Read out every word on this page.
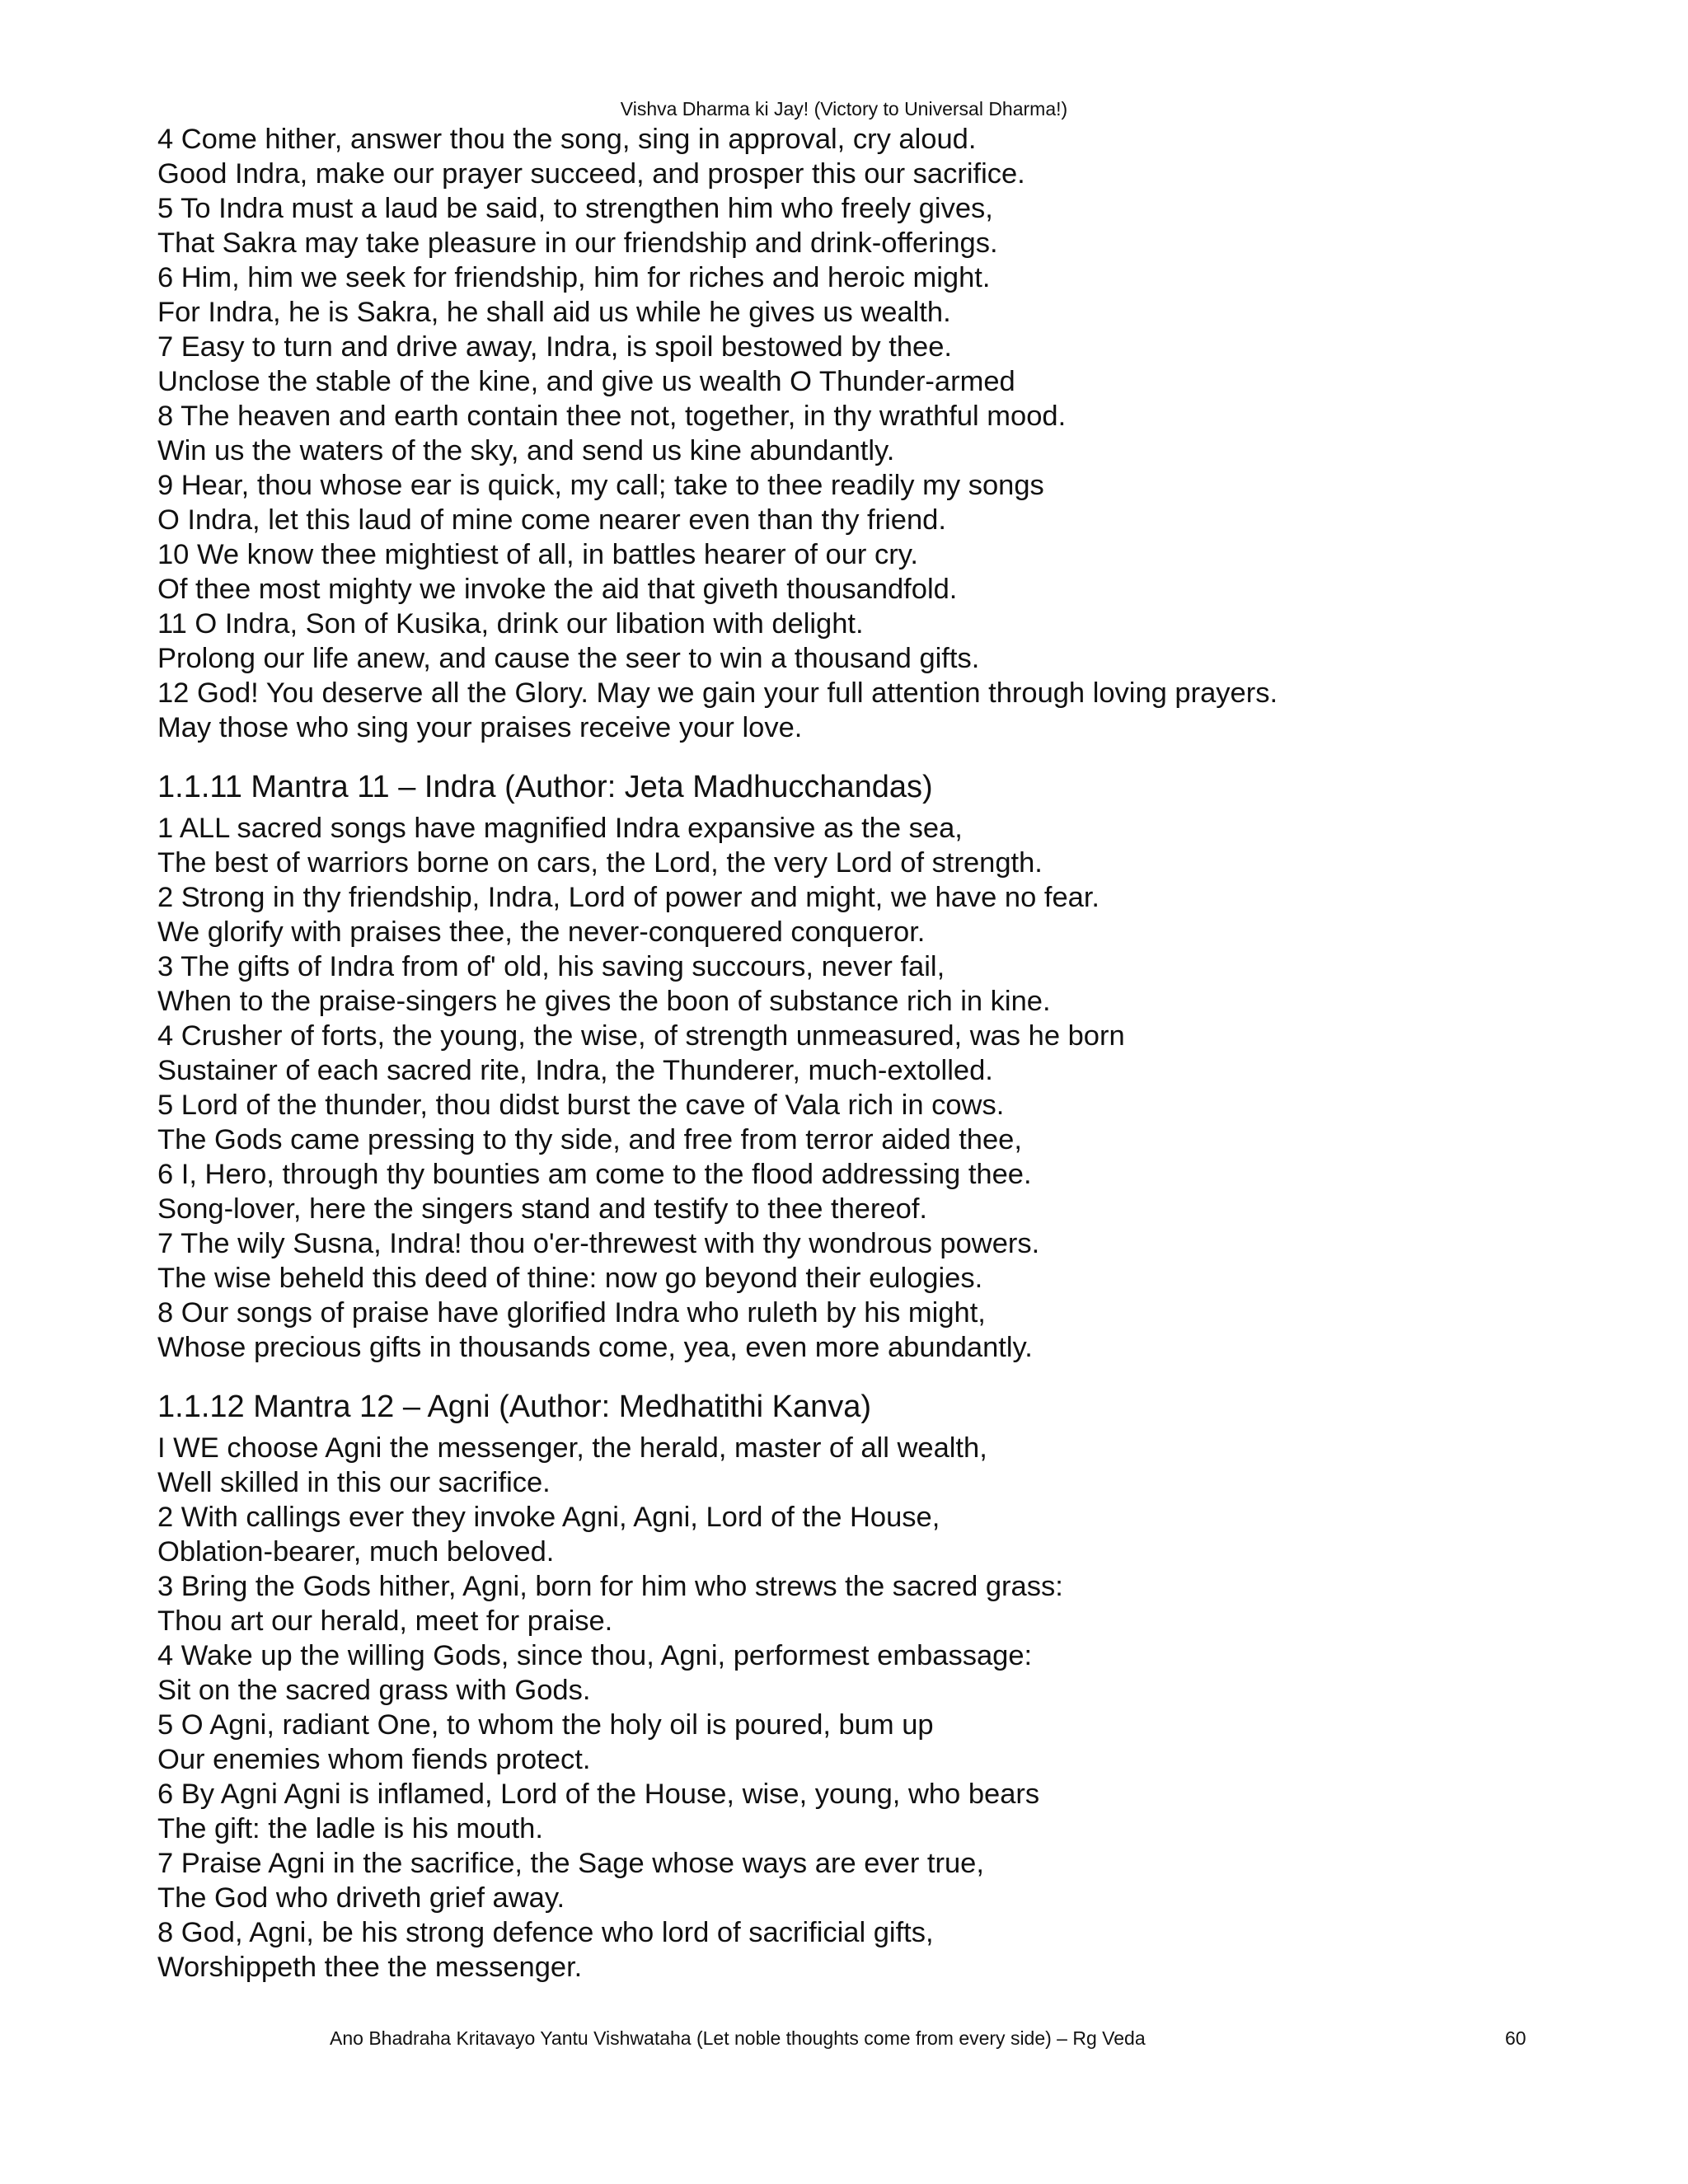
Vishva Dharma ki Jay! (Victory to Universal Dharma!)
4 Come hither, answer thou the song, sing in approval, cry aloud.
Good Indra, make our prayer succeed, and prosper this our sacrifice.
5 To Indra must a laud be said, to strengthen him who freely gives,
That Sakra may take pleasure in our friendship and drink-offerings.
6 Him, him we seek for friendship, him for riches and heroic might.
For Indra, he is Sakra, he shall aid us while he gives us wealth.
7 Easy to turn and drive away, Indra, is spoil bestowed by thee.
Unclose the stable of the kine, and give us wealth O Thunder-armed
8 The heaven and earth contain thee not, together, in thy wrathful mood.
Win us the waters of the sky, and send us kine abundantly.
9 Hear, thou whose ear is quick, my call; take to thee readily my songs
O Indra, let this laud of mine come nearer even than thy friend.
10 We know thee mightiest of all, in battles hearer of our cry.
Of thee most mighty we invoke the aid that giveth thousandfold.
11 O Indra, Son of Kusika, drink our libation with delight.
Prolong our life anew, and cause the seer to win a thousand gifts.
12 God! You deserve all the Glory. May we gain your full attention through loving prayers.
May those who sing your praises receive your love.
1.1.11 Mantra 11 – Indra (Author: Jeta Madhucchandas)
1 ALL sacred songs have magnified Indra expansive as the sea,
The best of warriors borne on cars, the Lord, the very Lord of strength.
2 Strong in thy friendship, Indra, Lord of power and might, we have no fear.
We glorify with praises thee, the never-conquered conqueror.
3 The gifts of Indra from of' old, his saving succours, never fail,
When to the praise-singers he gives the boon of substance rich in kine.
4 Crusher of forts, the young, the wise, of strength unmeasured, was he born
Sustainer of each sacred rite, Indra, the Thunderer, much-extolled.
5 Lord of the thunder, thou didst burst the cave of Vala rich in cows.
The Gods came pressing to thy side, and free from terror aided thee,
6 I, Hero, through thy bounties am come to the flood addressing thee.
Song-lover, here the singers stand and testify to thee thereof.
7 The wily Susna, Indra! thou o'er-threwest with thy wondrous powers.
The wise beheld this deed of thine: now go beyond their eulogies.
8 Our songs of praise have glorified Indra who ruleth by his might,
Whose precious gifts in thousands come, yea, even more abundantly.
1.1.12 Mantra 12 – Agni (Author: Medhatithi Kanva)
I WE choose Agni the messenger, the herald, master of all wealth,
Well skilled in this our sacrifice.
2 With callings ever they invoke Agni, Agni, Lord of the House,
Oblation-bearer, much beloved.
3 Bring the Gods hither, Agni, born for him who strews the sacred grass:
Thou art our herald, meet for praise.
4 Wake up the willing Gods, since thou, Agni, performest embassage:
Sit on the sacred grass with Gods.
5 O Agni, radiant One, to whom the holy oil is poured, bum up
Our enemies whom fiends protect.
6 By Agni Agni is inflamed, Lord of the House, wise, young, who bears
The gift: the ladle is his mouth.
7 Praise Agni in the sacrifice, the Sage whose ways are ever true,
The God who driveth grief away.
8 God, Agni, be his strong defence who lord of sacrificial gifts,
Worshippeth thee the messenger.
Ano Bhadraha Kritavayo Yantu Vishwataha (Let noble thoughts come from every side) – Rg Veda	60
